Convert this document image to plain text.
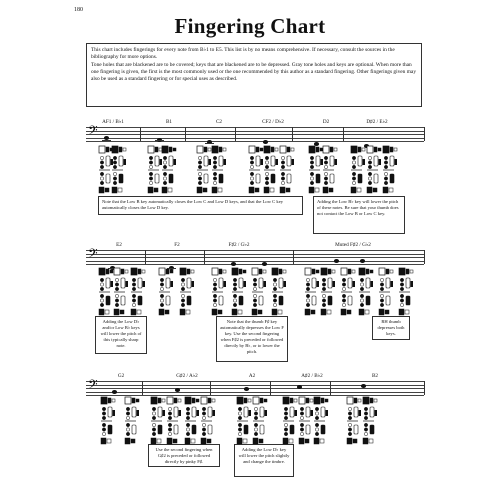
180
Fingering Chart

This chart includes fingerings for every note from B♭1 to E5. This list is by no means comprehensive. If necessary, consult the sources in the bibliography for more options.

Tone holes that are blackened are to be covered; keys that are blackened are to be depressed. Gray tone holes and keys are optional. When more than one fingering is given, the first is the most commonly used or the one recommended by this author as a standard fingering. Other fingerings given may also be used as a standard fingering or for special uses as described.

𝄢
AF1 / B♭1	B1	C2	CF2 / D♭2	D2	D♯2 / E♭2
Note that the Low B key automatically closes the Low C and Low D keys, and that the Low C key automatically closes the Low D key.
Adding the Low B♭ key will lower the pitch of these notes. Be sure that your thumb does not contact the Low B or Low C key.
𝄢
E2	F2	F♯2 / G♭2	Muted F♯2 / G♭2
Adding the Low D♭ and/or Low B♭ keys will lower the pitch of this typically sharp note.
Note that the thumb F♯ key automatically depresses the Low F key. Use the second fingering when F♯2 is preceded or followed directly by B♭, or to lower the pitch.
RH thumb depresses both keys.
𝄢
G2	G♯2 / A♭2	A2	A♯2 / B♭2	B2
Use the second fingering when G♯2 is preceded or followed directly by pinky F♯.
Adding the Low D♭ key will lower the pitch slightly and change the timbre.
